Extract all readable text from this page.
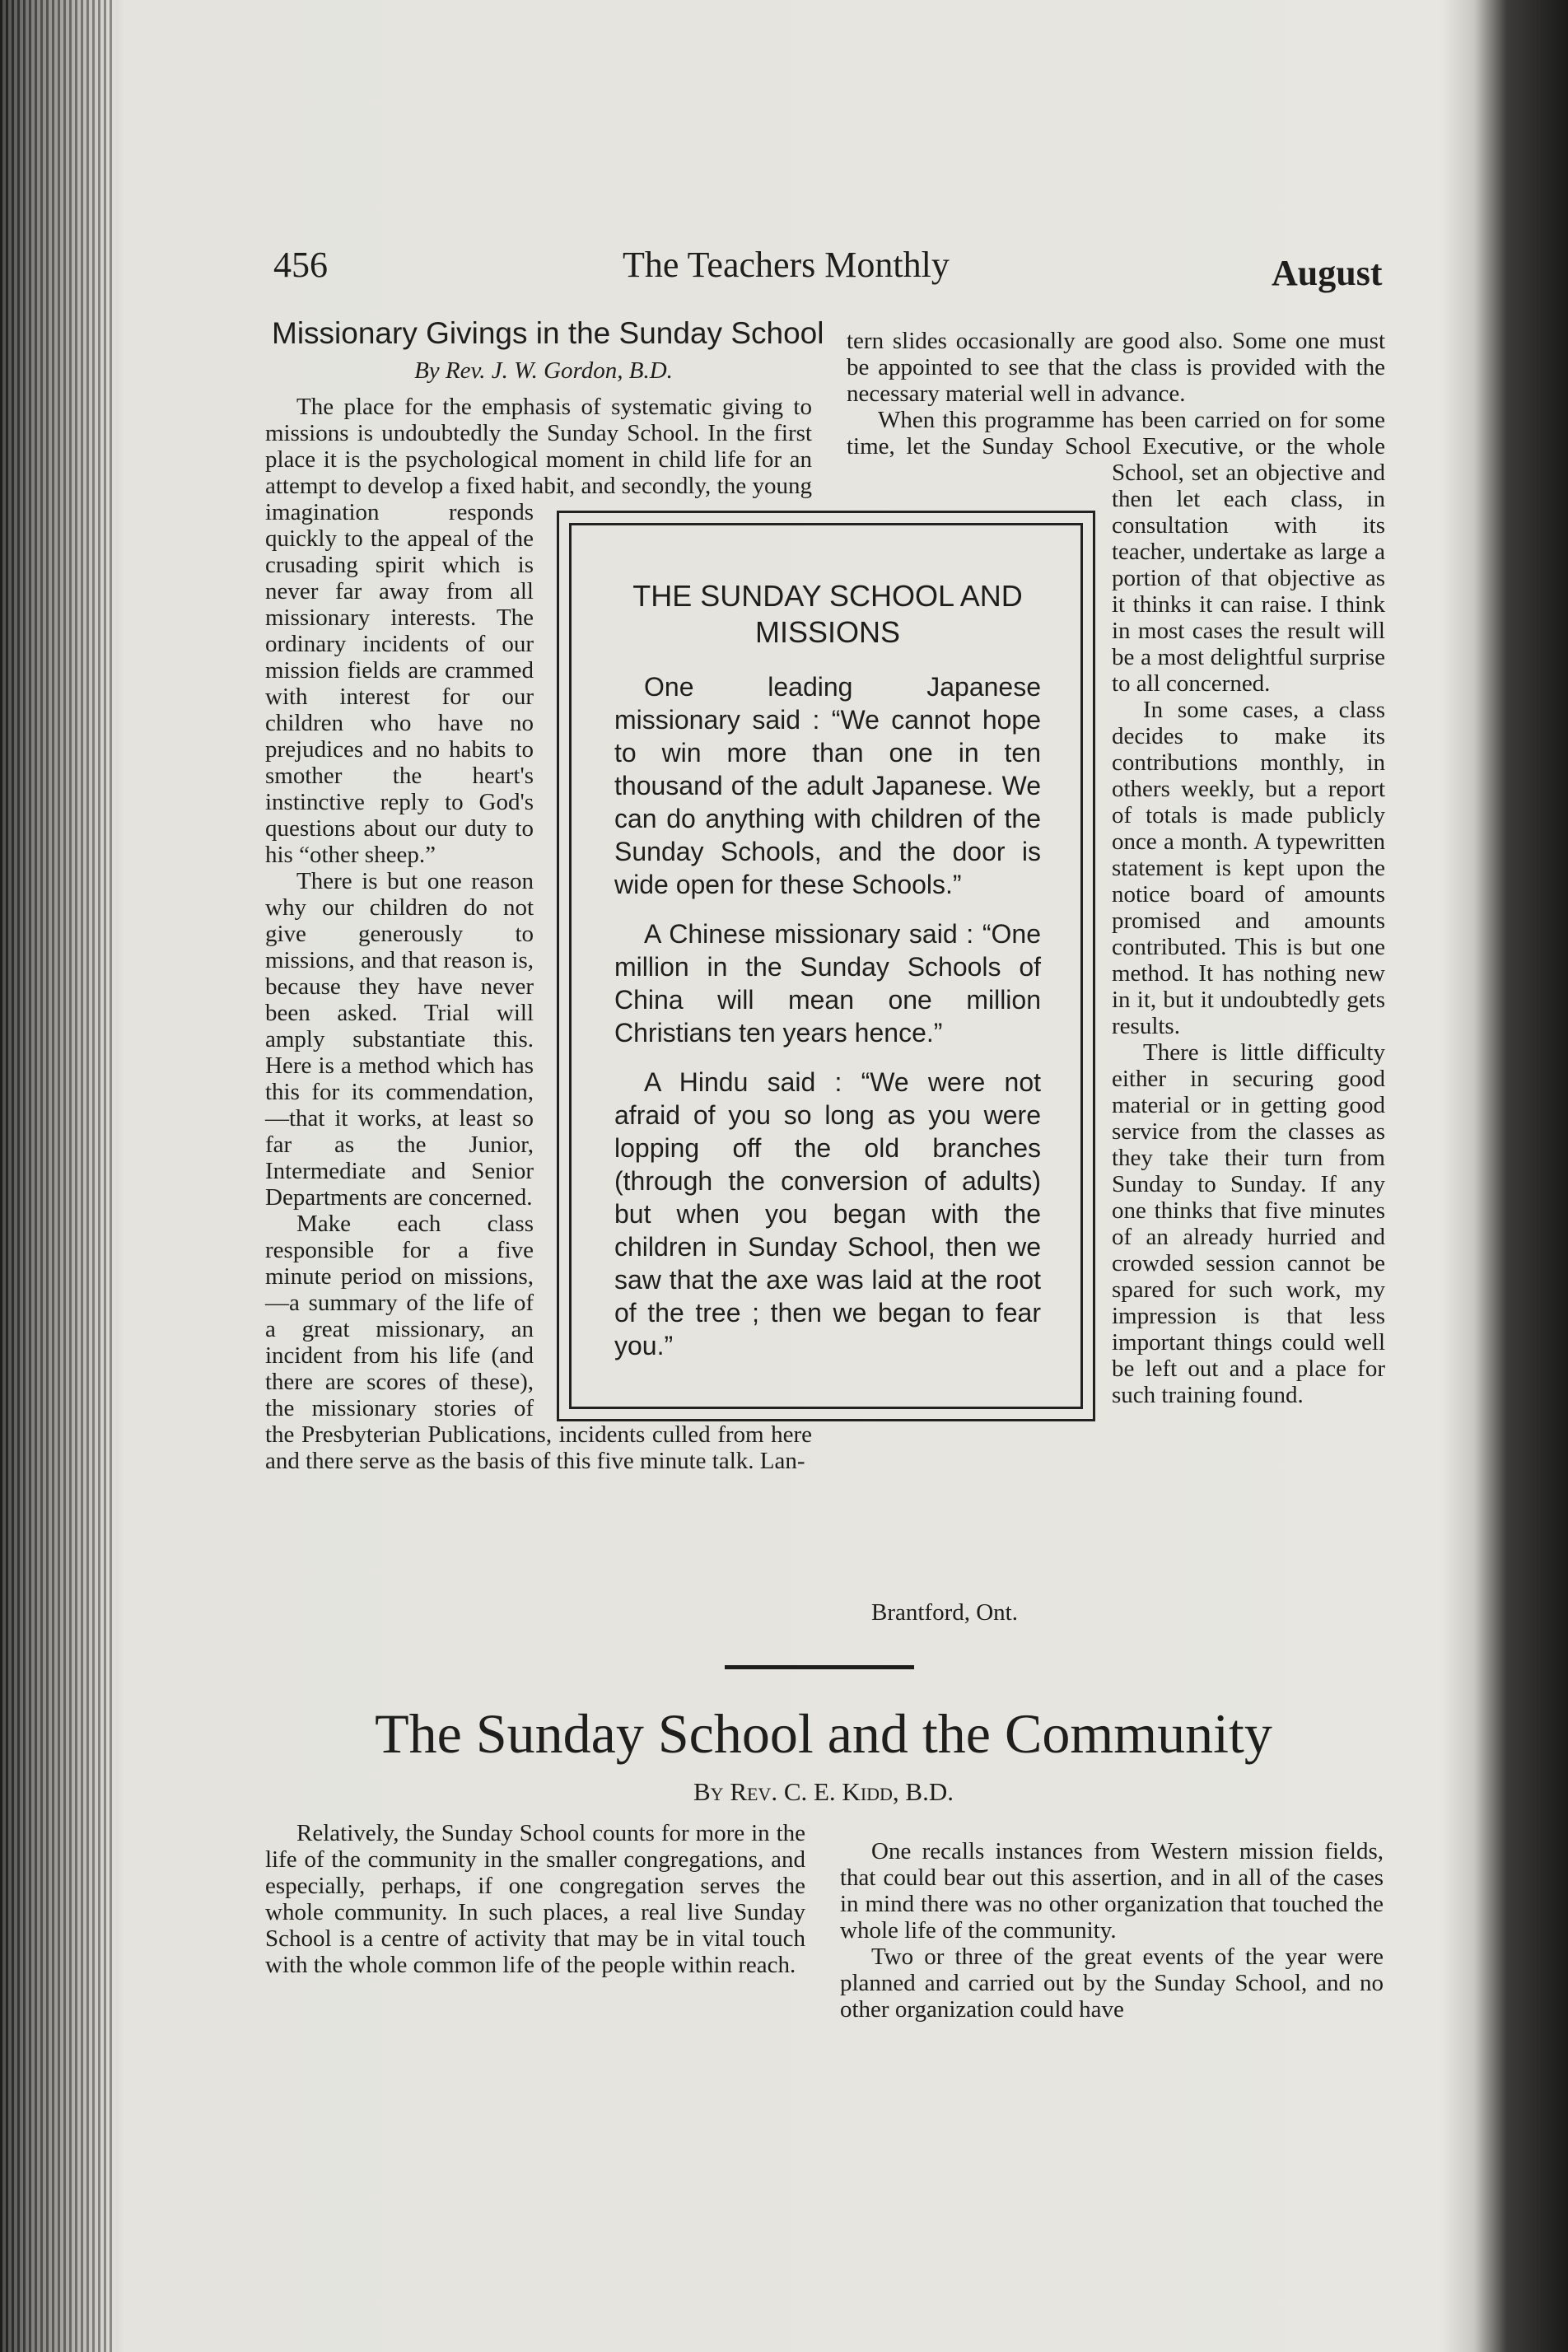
456	The Teachers Monthly	August
Missionary Givings in the Sunday School
By Rev. J. W. Gordon, B.D.

The place for the emphasis of systematic giving to missions is undoubtedly the Sunday School. In the first place it is the psychological moment in child life for an attempt to develop a fixed habit, and secondly, the young imagination responds quickly to the appeal of the crusading spirit which is never far away from all missionary interests. The ordinary incidents of our mission fields are crammed with interest for our children who have no prejudices and no habits to smother the heart's instinctive reply to God's questions about our duty to his “other sheep.”

There is but one reason why our children do not give generously to missions, and that reason is, because they have never been asked. Trial will amply substantiate this. Here is a method which has this for its commendation,—that it works, at least so far as the Junior, Intermediate and Senior Departments are concerned.

Make each class responsible for a five minute period on missions,—a summary of the life of a great missionary, an incident from his life (and there are scores of these), the missionary stories of the Presbyterian Publications, incidents culled from here and there serve as the basis of this five minute talk. Lan-

tern slides occasionally are good also. Some one must be appointed to see that the class is provided with the necessary material well in advance.

When this programme has been carried on for some time, let the Sunday School Executive, or the whole School, set an objective and then let each class, in consultation with its teacher, undertake as large a portion of that objective as it thinks it can raise. I think in most cases the result will be a most delightful surprise to all concerned.

In some cases, a class decides to make its contributions monthly, in others weekly, but a report of totals is made publicly once a month. A typewritten statement is kept upon the notice board of amounts promised and amounts contributed. This is but one method. It has nothing new in it, but it undoubtedly gets results.

There is little difficulty either in securing good material or in getting good service from the classes as they take their turn from Sunday to Sunday. If any one thinks that five minutes of an already hurried and crowded session cannot be spared for such work, my impression is that less important things could well be left out and a place for such training found.

Brantford, Ont.
THE SUNDAY SCHOOL AND MISSIONS

One leading Japanese missionary said : “We cannot hope to win more than one in ten thousand of the adult Japanese. We can do anything with children of the Sunday Schools, and the door is wide open for these Schools.”

A Chinese missionary said : “One million in the Sunday Schools of China will mean one million Christians ten years hence.”

A Hindu said : “We were not afraid of you so long as you were lopping off the old branches (through the conversion of adults) but when you began with the children in Sunday School, then we saw that the axe was laid at the root of the tree ; then we began to fear you.”

The Sunday School and the Community
By Rev. C. E. Kidd, B.D.

Relatively, the Sunday School counts for more in the life of the community in the smaller congregations, and especially, perhaps, if one congregation serves the whole community. In such places, a real live Sunday School is a centre of activity that may be in vital touch with the whole common life of the people within reach.

One recalls instances from Western mission fields, that could bear out this assertion, and in all of the cases in mind there was no other organization that touched the whole life of the community.

Two or three of the great events of the year were planned and carried out by the Sunday School, and no other organization could have
